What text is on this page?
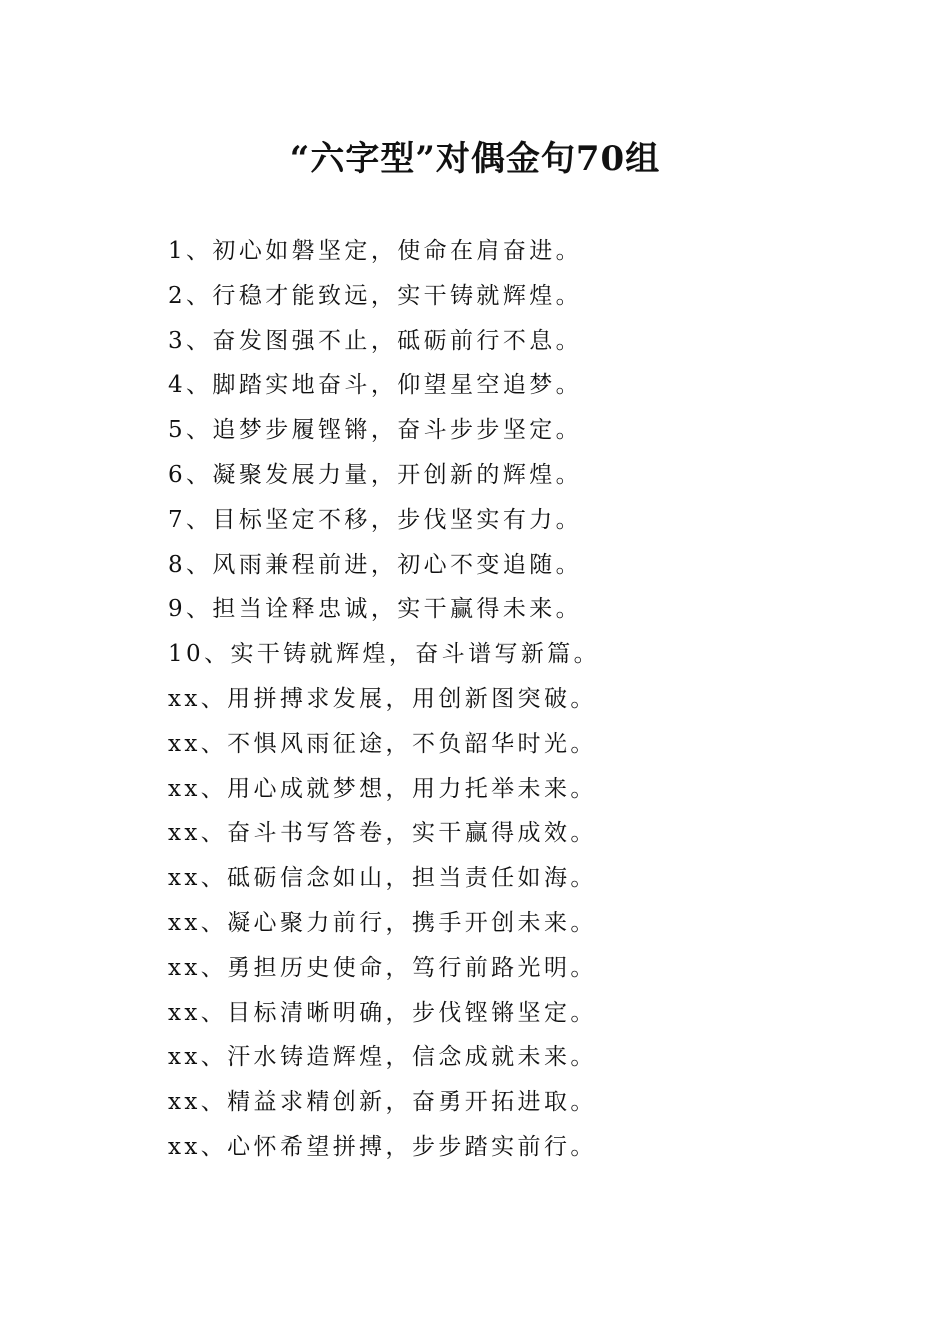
“六字型”对偶金句70组
1、初心如磐坚定，使命在肩奋进。
2、行稳才能致远，实干铸就辉煌。
3、奋发图强不止，砥砺前行不息。
4、脚踏实地奋斗，仰望星空追梦。
5、追梦步履铿锵，奋斗步步坚定。
6、凝聚发展力量，开创新的辉煌。
7、目标坚定不移，步伐坚实有力。
8、风雨兼程前进，初心不变追随。
9、担当诠释忠诚，实干赢得未来。
10、实干铸就辉煌，奋斗谱写新篇。
xx、用拼搏求发展，用创新图突破。
xx、不惧风雨征途，不负韶华时光。
xx、用心成就梦想，用力托举未来。
xx、奋斗书写答卷，实干赢得成效。
xx、砥砺信念如山，担当责任如海。
xx、凝心聚力前行，携手开创未来。
xx、勇担历史使命，笃行前路光明。
xx、目标清晰明确，步伐铿锵坚定。
xx、汗水铸造辉煌，信念成就未来。
xx、精益求精创新，奋勇开拓进取。
xx、心怀希望拼搏，步步踏实前行。
